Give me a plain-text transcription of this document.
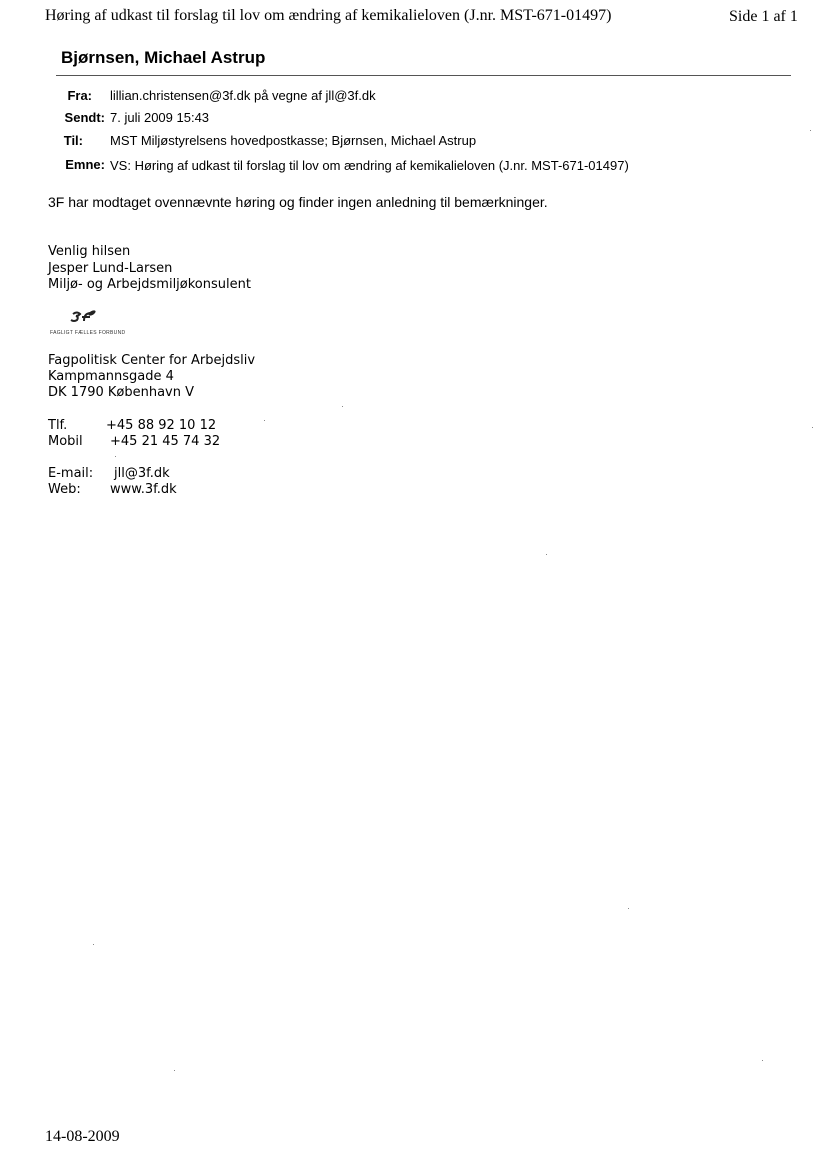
Høring af udkast til forslag til lov om ændring af kemikalieloven (J.nr. MST-671-01497)	Side 1 af 1
Bjørnsen, Michael Astrup
Fra: lillian.christensen@3f.dk på vegne af jll@3f.dk
Sendt: 7. juli 2009 15:43
Til: MST Miljøstyrelsens hovedpostkasse; Bjørnsen, Michael Astrup
Emne: VS: Høring af udkast til forslag til lov om ændring af kemikalieloven (J.nr. MST-671-01497)
3F har modtaget ovennævnte høring og finder ingen anledning til bemærkninger.
Venlig hilsen
Jesper Lund-Larsen
Miljø- og Arbejdsmiljøkonsulent
FAGLIGT FÆLLES FORBUND
Fagpolitisk Center for Arbejdsliv
Kampmannsgade 4
DK 1790 København V
Tlf.	+45 88 92 10 12
Mobil +45 21 45 74 32
E-mail: jll@3f.dk
Web: www.3f.dk
14-08-2009
